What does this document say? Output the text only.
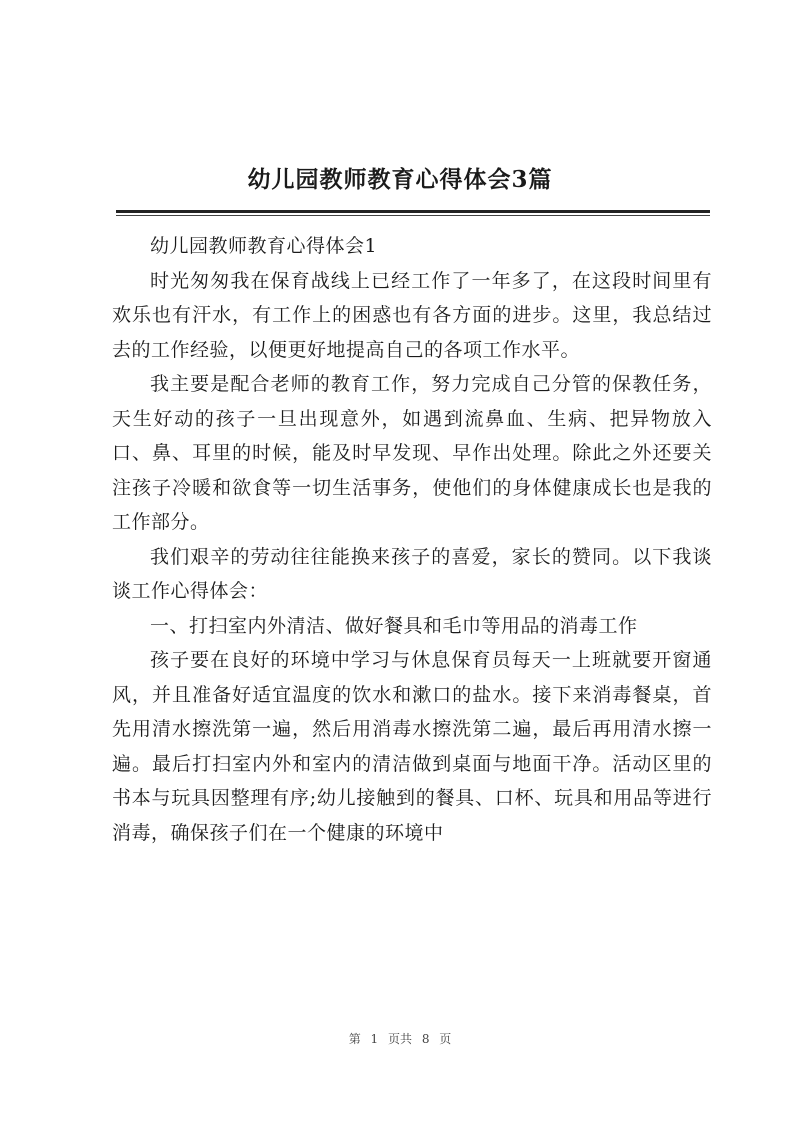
幼儿园教师教育心得体会3篇

幼儿园教师教育心得体会1

时光匆匆我在保育战线上已经工作了一年多了，在这段时间里有欢乐也有汗水，有工作上的困惑也有各方面的进步。这里，我总结过去的工作经验，以便更好地提高自己的各项工作水平。

我主要是配合老师的教育工作，努力完成自己分管的保教任务，天生好动的孩子一旦出现意外，如遇到流鼻血、生病、把异物放入口、鼻、耳里的时候，能及时早发现、早作出处理。除此之外还要关注孩子冷暖和欲食等一切生活事务，使他们的身体健康成长也是我的工作部分。

我们艰辛的劳动往往能换来孩子的喜爱，家长的赞同。以下我谈谈工作心得体会：

一、打扫室内外清洁、做好餐具和毛巾等用品的消毒工作

孩子要在良好的环境中学习与休息保育员每天一上班就要开窗通风，并且准备好适宜温度的饮水和漱口的盐水。接下来消毒餐桌，首先用清水擦洗第一遍，然后用消毒水擦洗第二遍，最后再用清水擦一遍。最后打扫室内外和室内的清洁做到桌面与地面干净。活动区里的书本与玩具因整理有序;幼儿接触到的餐具、口杯、玩具和用品等进行消毒，确保孩子们在一个健康的环境中

第 1 页共 8 页
